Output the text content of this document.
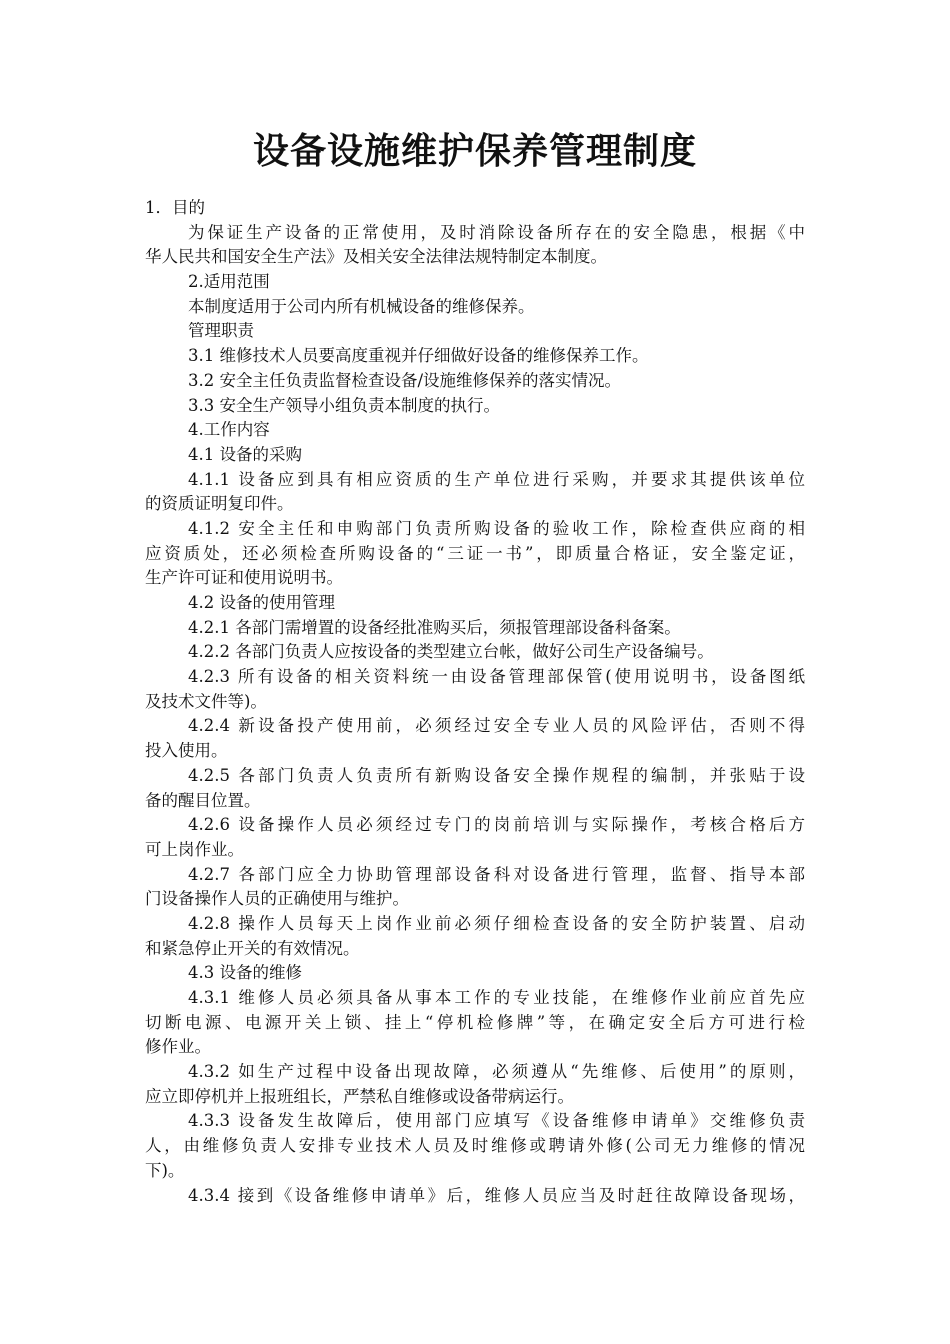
设备设施维护保养管理制度
1．目的
为保证生产设备的正常使用，及时消除设备所存在的安全隐患，根据《中
华人民共和国安全生产法》及相关安全法律法规特制定本制度。
2.适用范围
本制度适用于公司内所有机械设备的维修保养。
管理职责
3.1 维修技术人员要高度重视并仔细做好设备的维修保养工作。
3.2 安全主任负责监督检查设备/设施维修保养的落实情况。
3.3 安全生产领导小组负责本制度的执行。
4.工作内容
4.1 设备的采购
4.1.1 设备应到具有相应资质的生产单位进行采购，并要求其提供该单位
的资质证明复印件。
4.1.2 安全主任和申购部门负责所购设备的验收工作，除检查供应商的相
应资质处，还必须检查所购设备的“三证一书”，即质量合格证，安全鉴定证，
生产许可证和使用说明书。
4.2 设备的使用管理
4.2.1 各部门需增置的设备经批准购买后，须报管理部设备科备案。
4.2.2 各部门负责人应按设备的类型建立台帐，做好公司生产设备编号。
4.2.3 所有设备的相关资料统一由设备管理部保管(使用说明书，设备图纸
及技术文件等)。
4.2.4 新设备投产使用前，必须经过安全专业人员的风险评估，否则不得
投入使用。
4.2.5 各部门负责人负责所有新购设备安全操作规程的编制，并张贴于设
备的醒目位置。
4.2.6 设备操作人员必须经过专门的岗前培训与实际操作，考核合格后方
可上岗作业。
4.2.7 各部门应全力协助管理部设备科对设备进行管理，监督、指导本部
门设备操作人员的正确使用与维护。
4.2.8 操作人员每天上岗作业前必须仔细检查设备的安全防护装置、启动
和紧急停止开关的有效情况。
4.3 设备的维修
4.3.1 维修人员必须具备从事本工作的专业技能，在维修作业前应首先应
切断电源、电源开关上锁、挂上“停机检修牌”等，在确定安全后方可进行检
修作业。
4.3.2 如生产过程中设备出现故障，必须遵从“先维修、后使用”的原则，
应立即停机并上报班组长，严禁私自维修或设备带病运行。
4.3.3 设备发生故障后，使用部门应填写《设备维修申请单》交维修负责
人，由维修负责人安排专业技术人员及时维修或聘请外修(公司无力维修的情况
下)。
4.3.4 接到《设备维修申请单》后，维修人员应当及时赶往故障设备现场，
